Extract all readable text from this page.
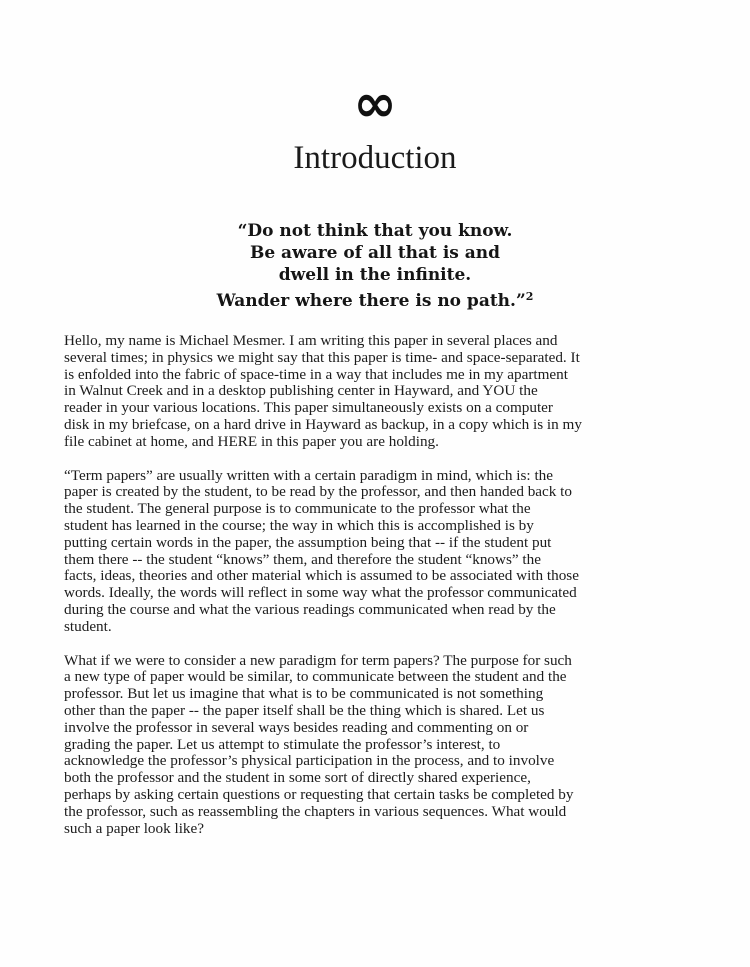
∞
Introduction
“Do not think that you know.
Be aware of all that is and
dwell in the infinite.
Wander where there is no path.”$^2$
Hello, my name is Michael Mesmer. I am writing this paper in several places and
several times; in physics we might say that this paper is time- and space-separated. It
is enfolded into the fabric of space-time in a way that includes me in my apartment
in Walnut Creek and in a desktop publishing center in Hayward, and YOU the
reader in your various locations. This paper simultaneously exists on a computer
disk in my briefcase, on a hard drive in Hayward as backup, in a copy which is in my
file cabinet at home, and HERE in this paper you are holding.
“Term papers” are usually written with a certain paradigm in mind, which is: the
paper is created by the student, to be read by the professor, and then handed back to
the student. The general purpose is to communicate to the professor what the
student has learned in the course; the way in which this is accomplished is by
putting certain words in the paper, the assumption being that -- if the student put
them there -- the student “knows” them, and therefore the student “knows” the
facts, ideas, theories and other material which is assumed to be associated with those
words. Ideally, the words will reflect in some way what the professor communicated
during the course and what the various readings communicated when read by the
student.
What if we were to consider a new paradigm for term papers? The purpose for such
a new type of paper would be similar, to communicate between the student and the
professor. But let us imagine that what is to be communicated is not something
other than the paper -- the paper itself shall be the thing which is shared. Let us
involve the professor in several ways besides reading and commenting on or
grading the paper. Let us attempt to stimulate the professor’s interest, to
acknowledge the professor’s physical participation in the process, and to involve
both the professor and the student in some sort of directly shared experience,
perhaps by asking certain questions or requesting that certain tasks be completed by
the professor, such as reassembling the chapters in various sequences. What would
such a paper look like?
